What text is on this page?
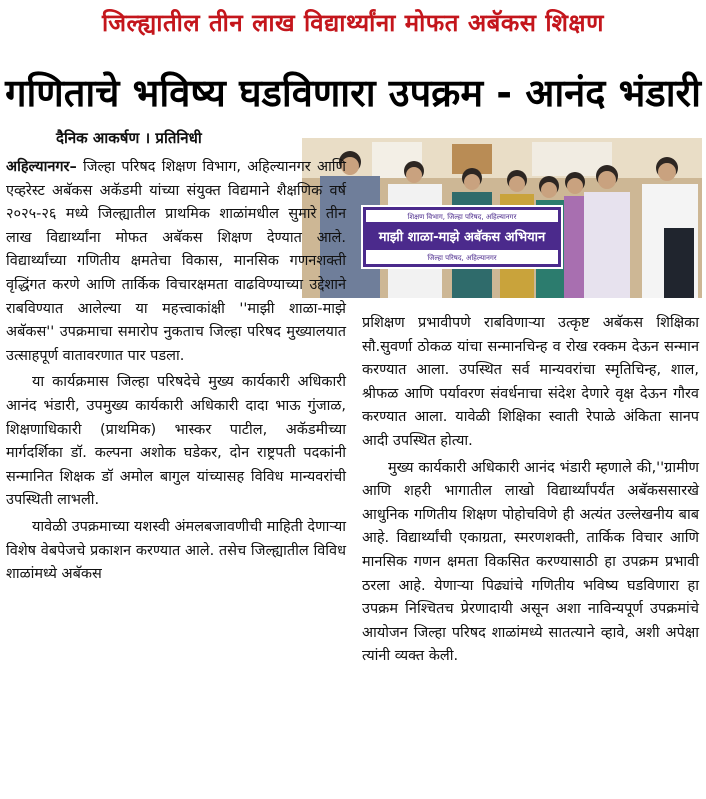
जिल्ह्यातील तीन लाख विद्यार्थ्यांना मोफत अबॅकस शिक्षण
गणिताचे भविष्य घडविणारा उपक्रम - आनंद भंडारी
दैनिक आकर्षण । प्रतिनिधी
शिक्षण विभाग, जिल्हा परिषद, अहिल्यानगर
माझी शाळा-माझे अबॅकस अभियान
जिल्हा परिषद, अहिल्यानगर

अहिल्यानगर– जिल्हा परिषद शिक्षण विभाग, अहिल्यानगर आणि एव्हरेस्ट अबॅकस अकॅडमी यांच्या संयुक्त विद्यमाने शैक्षणिक वर्ष २०२५-२६ मध्ये जिल्ह्यातील प्राथमिक शाळांमधील सुमारे तीन लाख विद्यार्थ्यांना मोफत अबॅकस शिक्षण देण्यात आले. विद्यार्थ्यांच्या गणितीय क्षमतेचा विकास, मानसिक गणनशक्ती वृद्धिंगत करणे आणि तार्किक विचारक्षमता वाढविण्याच्या उद्देशाने राबविण्यात आलेल्या या महत्त्वाकांक्षी ''माझी शाळा-माझे अबॅकस'' उपक्रमाचा समारोप नुकताच जिल्हा परिषद मुख्यालयात उत्साहपूर्ण वातावरणात पार पडला.

या कार्यक्रमास जिल्हा परिषदेचे मुख्य कार्यकारी अधिकारी आनंद भंडारी, उपमुख्य कार्यकारी अधिकारी दादा भाऊ गुंजाळ, शिक्षणाधिकारी (प्राथमिक) भास्कर पाटील, अकॅडमीच्या मार्गदर्शिका डॉ. कल्पना अशोक घडेकर, दोन राष्ट्रपती पदकांनी सन्मानित शिक्षक डॉ अमोल बागुल यांच्यासह विविध मान्यवरांची उपस्थिती लाभली.

यावेळी उपक्रमाच्या यशस्वी अंमलबजावणीची माहिती देणाऱ्या विशेष वेबपेजचे प्रकाशन करण्यात आले. तसेच जिल्ह्यातील विविध शाळांमध्ये अबॅकस

प्रशिक्षण प्रभावीपणे राबविणाऱ्या उत्कृष्ट अबॅकस शिक्षिका सौ.सुवर्णा ठोकळ यांचा सन्मानचिन्ह व रोख रक्कम देऊन सन्मान करण्यात आला. उपस्थित सर्व मान्यवरांचा स्मृतिचिन्ह, शाल, श्रीफळ आणि पर्यावरण संवर्धनाचा संदेश देणारे वृक्ष देऊन गौरव करण्यात आला. यावेळी शिक्षिका स्वाती रेपाळे अंकिता सानप आदी उपस्थित होत्या.

मुख्य कार्यकारी अधिकारी आनंद भंडारी म्हणाले की,''ग्रामीण आणि शहरी भागातील लाखो विद्यार्थ्यांपर्यंत अबॅकससारखे आधुनिक गणितीय शिक्षण पोहोचविणे ही अत्यंत उल्लेखनीय बाब आहे. विद्यार्थ्यांची एकाग्रता, स्मरणशक्ती, तार्किक विचार आणि मानसिक गणन क्षमता विकसित करण्यासाठी हा उपक्रम प्रभावी ठरला आहे. येणाऱ्या पिढ्यांचे गणितीय भविष्य घडविणारा हा उपक्रम निश्चितच प्रेरणादायी असून अशा नाविन्यपूर्ण उपक्रमांचे आयोजन जिल्हा परिषद शाळांमध्ये सातत्याने व्हावे, अशी अपेक्षा त्यांनी व्यक्त केली.
